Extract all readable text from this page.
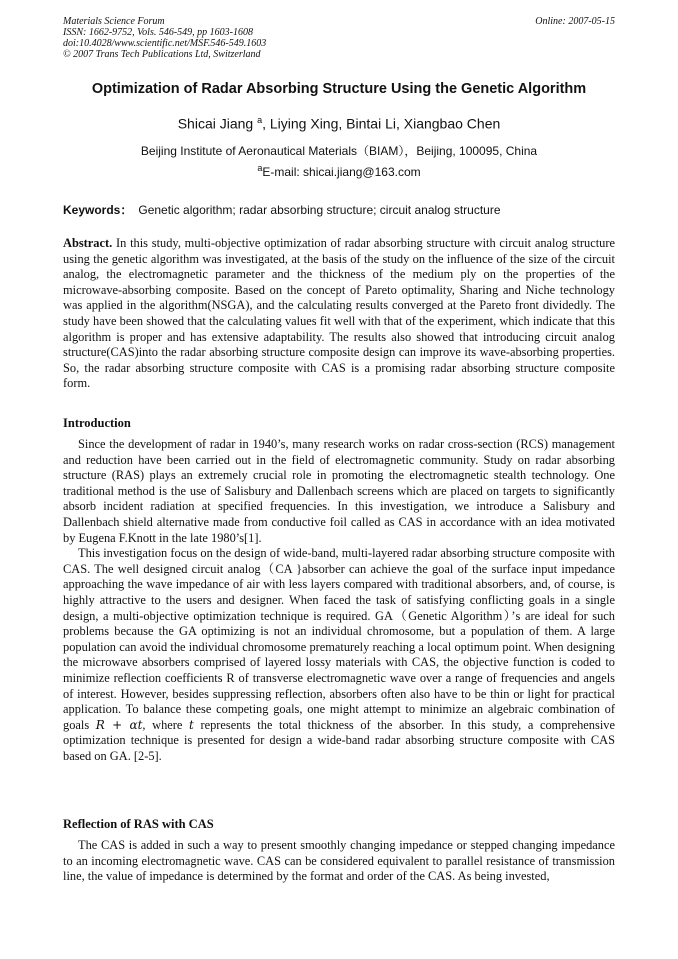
Materials Science Forum
ISSN: 1662-9752, Vols. 546-549, pp 1603-1608
doi:10.4028/www.scientific.net/MSF.546-549.1603
© 2007 Trans Tech Publications Ltd, Switzerland
Online: 2007-05-15
Optimization of Radar Absorbing Structure Using the Genetic Algorithm
Shicai Jiang $^a$, Liying Xing, Bintai Li, Xiangbao Chen
Beijing Institute of Aeronautical Materials（BIAM），Beijing, 100095, China
$^a$E-mail: shicai.jiang@163.com
Keywords： Genetic algorithm; radar absorbing structure; circuit analog structure
Abstract. In this study, multi-objective optimization of radar absorbing structure with circuit analog structure using the genetic algorithm was investigated, at the basis of the study on the influence of the size of the circuit analog, the electromagnetic parameter and the thickness of the medium ply on the properties of the microwave-absorbing composite. Based on the concept of Pareto optimality, Sharing and Niche technology was applied in the algorithm(NSGA), and the calculating results converged at the Pareto front dividedly. The study have been showed that the calculating values fit well with that of the experiment, which indicate that this algorithm is proper and has extensive adaptability. The results also showed that introducing circuit analog structure(CAS)into the radar absorbing structure composite design can improve its wave-absorbing properties. So, the radar absorbing structure composite with CAS is a promising radar absorbing structure composite form.
Introduction

Since the development of radar in 1940’s, many research works on radar cross-section (RCS) management and reduction have been carried out in the field of electromagnetic community. Study on radar absorbing structure (RAS) plays an extremely crucial role in promoting the electromagnetic stealth technology. One traditional method is the use of Salisbury and Dallenbach screens which are placed on targets to significantly absorb incident radiation at specified frequencies. In this investigation, we introduce a Salisbury and Dallenbach shield alternative made from conductive foil called as CAS in accordance with an idea motivated by Eugena F.Knott in the late 1980’s[1].

This investigation focus on the design of wide-band, multi-layered radar absorbing structure composite with CAS. The well designed circuit analog（CA }absorber can achieve the goal of the surface input impedance approaching the wave impedance of air with less layers compared with traditional absorbers, and, of course, is highly attractive to the users and designer. When faced the task of satisfying conflicting goals in a single design, a multi-objective optimization technique is required. GA（Genetic Algorithm）’s are ideal for such problems because the GA optimizing is not an individual chromosome, but a population of them. A large population can avoid the individual chromosome prematurely reaching a local optimum point. When designing the microwave absorbers comprised of layered lossy materials with CAS, the objective function is coded to minimize reflection coefficients R of transverse electromagnetic wave over a range of frequencies and angels of interest. However, besides suppressing reflection, absorbers often also have to be thin or light for practical application. To balance these competing goals, one might attempt to minimize an algebraic combination of goals R + αt, where t represents the total thickness of the absorber. In this study, a comprehensive optimization technique is presented for design a wide-band radar absorbing structure composite with CAS based on GA. [2-5].

Reflection of RAS with CAS

The CAS is added in such a way to present smoothly changing impedance or stepped changing impedance to an incoming electromagnetic wave. CAS can be considered equivalent to parallel resistance of transmission line, the value of impedance is determined by the format and order of the CAS. As being invested,
